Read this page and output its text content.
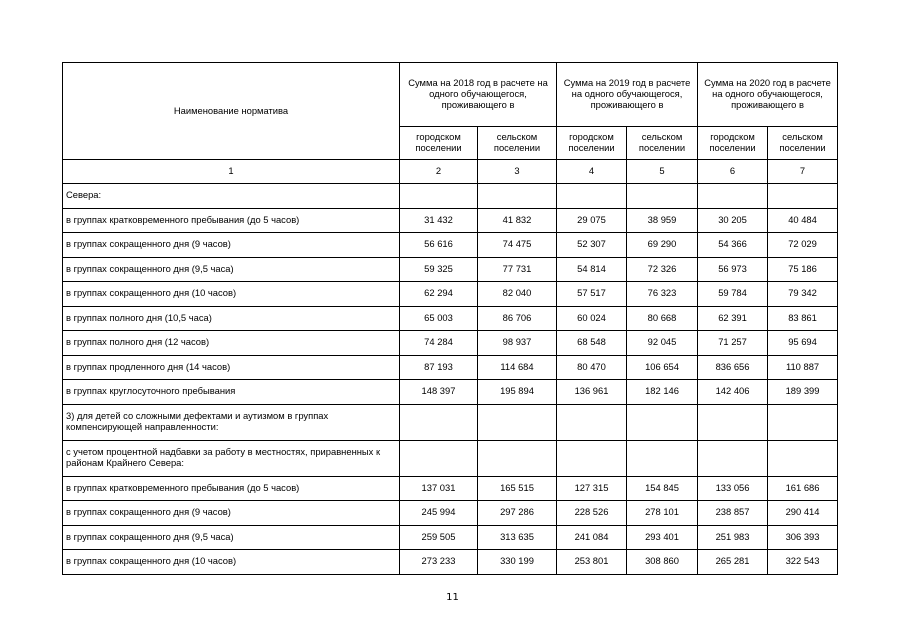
Наименование норматива	Сумма на 2018 год в расчете на одного обучающегося, проживающего в		Сумма на 2019 год в расчете на одного обучающегося, проживающего в		Сумма на 2020 год в расчете на одного обучающегося, проживающего в	
	городском поселении	сельском поселении	городском поселении	сельском поселении	городском поселении	сельском поселении
1	2	3	4	5	6	7
Севера:						
в группах кратковременного пребывания (до 5 часов)	31 432	41 832	29 075	38 959	30 205	40 484
в группах сокращенного дня (9 часов)	56 616	74 475	52 307	69 290	54 366	72 029
в группах сокращенного дня (9,5 часа)	59 325	77 731	54 814	72 326	56 973	75 186
в группах сокращенного дня (10 часов)	62 294	82 040	57 517	76 323	59 784	79 342
в группах полного дня (10,5 часа)	65 003	86 706	60 024	80 668	62 391	83 861
в группах полного дня (12 часов)	74 284	98 937	68 548	92 045	71 257	95 694
в группах продленного дня (14 часов)	87 193	114 684	80 470	106 654	836 656	110 887
в группах круглосуточного пребывания	148 397	195 894	136 961	182 146	142 406	189 399
3) для детей со сложными дефектами и аутизмом в группах компенсирующей направленности:						
с учетом процентной надбавки за работу в местностях, приравненных к районам Крайнего Севера:						
в группах кратковременного пребывания (до 5 часов)	137 031	165 515	127 315	154 845	133 056	161 686
в группах сокращенного дня (9 часов)	245 994	297 286	228 526	278 101	238 857	290 414
в группах сокращенного дня (9,5 часа)	259 505	313 635	241 084	293 401	251 983	306 393
в группах сокращенного дня (10 часов)	273 233	330 199	253 801	308 860	265 281	322 543
11
